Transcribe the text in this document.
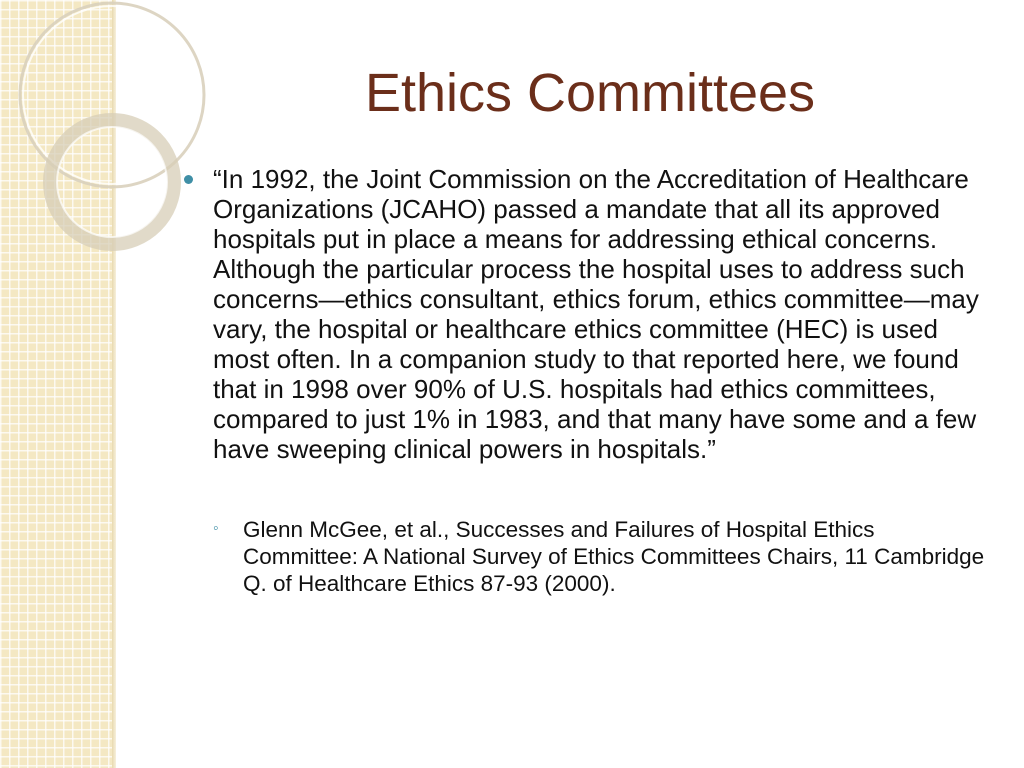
Ethics Committees

“In 1992, the Joint Commission on the Accreditation of Healthcare Organizations (JCAHO) passed a mandate that all its approved hospitals put in place a means for addressing ethical concerns. Although the particular process the hospital uses to address such concerns—ethics consultant, ethics forum, ethics committee—may vary, the hospital or healthcare ethics committee (HEC) is used most often. In a companion study to that reported here, we found that in 1998 over 90% of U.S. hospitals had ethics committees, compared to just 1% in 1983, and that many have some and a few have sweeping clinical powers in hospitals.”

◦ Glenn McGee, et al., Successes and Failures of Hospital Ethics Committee: A National Survey of Ethics Committees Chairs, 11 Cambridge Q. of Healthcare Ethics 87-93 (2000).
